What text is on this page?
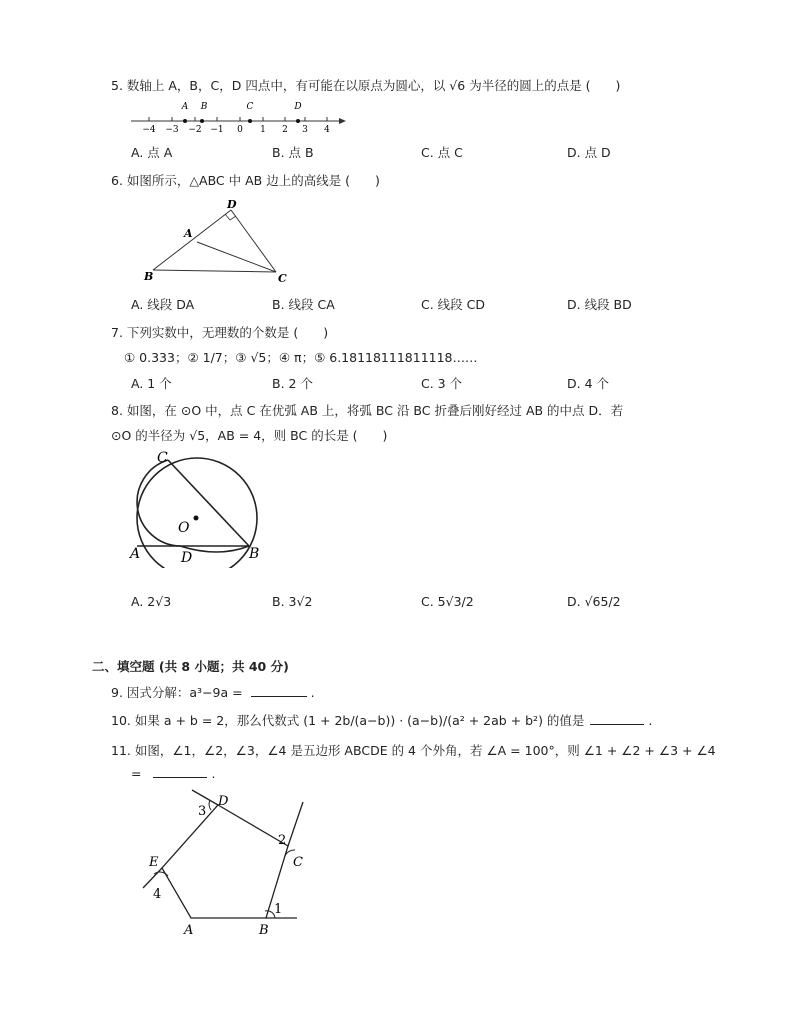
5. 数轴上 A，B，C，D 四点中，有可能在以原点为圆心，以 √6 为半径的圆上的点是 (　　)
A B	C	D
−4 −3 −2 −1 0 1 2 3 4
A. 点 A	B. 点 B	C. 点 C	D. 点 D
6. 如图所示，△ABC 中 AB 边上的高线是 (　　)
D
A
B	C
A. 线段 DA	B. 线段 CA	C. 线段 CD	D. 线段 BD
7. 下列实数中，无理数的个数是 (　　)
① 0.333；② 1/7；③ √5；④ π；⑤ 6.18118111811118……
A. 1 个	B. 2 个	C. 3 个	D. 4 个
8. 如图，在 ⊙O 中，点 C 在优弧 AB 上，将弧 BC 沿 BC 折叠后刚好经过 AB 的中点 D．若
⊙O 的半径为 √5，AB = 4，则 BC 的长是 (　　)
C
O
A	D	B
A. 2√3	B. 3√2	C. 5√3/2	D. √65/2
二、填空题 (共 8 小题；共 40 分)
9. 因式分解：a³−9a =	.
10. 如果 a + b = 2，那么代数式 (1 + 2b/(a−b)) · (a−b)/(a² + 2ab + b²) 的值是	.
11. 如图，∠1，∠2，∠3，∠4 是五边形 ABCDE 的 4 个外角，若 ∠A = 100°，则 ∠1 + ∠2 + ∠3 + ∠4
=	.
D
3
2
C
E
4
A	B
1
